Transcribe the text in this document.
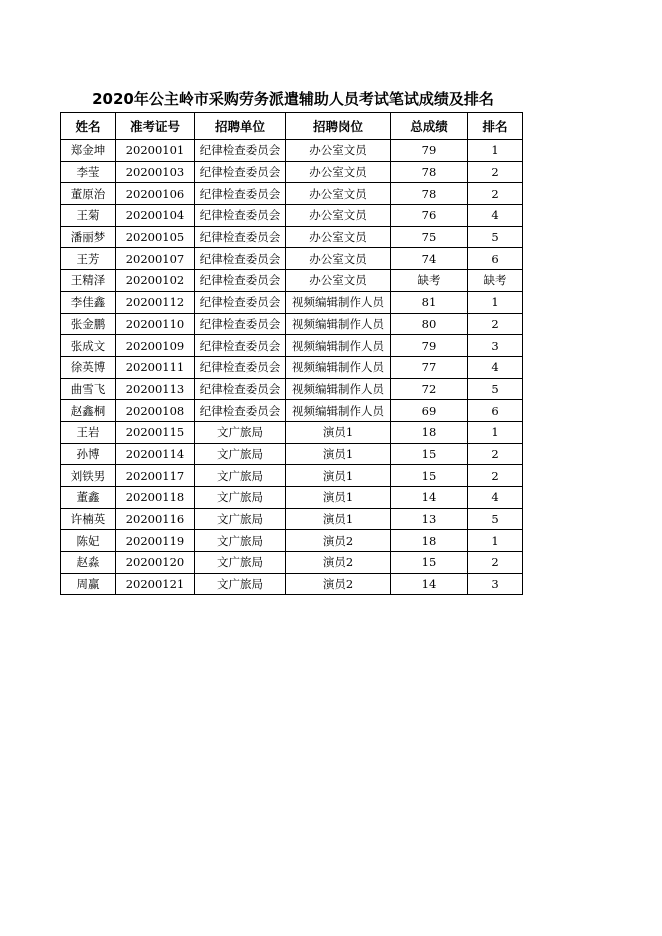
2020年公主岭市采购劳务派遣辅助人员考试笔试成绩及排名
姓名	准考证号	招聘单位	招聘岗位	总成绩	排名
郑金坤	20200101	纪律检查委员会	办公室文员	79	1
李莹	20200103	纪律检查委员会	办公室文员	78	2
董原治	20200106	纪律检查委员会	办公室文员	78	2
王菊	20200104	纪律检查委员会	办公室文员	76	4
潘丽梦	20200105	纪律检查委员会	办公室文员	75	5
王芳	20200107	纪律检查委员会	办公室文员	74	6
王精泽	20200102	纪律检查委员会	办公室文员	缺考	缺考
李佳鑫	20200112	纪律检查委员会	视频编辑制作人员	81	1
张金鹏	20200110	纪律检查委员会	视频编辑制作人员	80	2
张成文	20200109	纪律检查委员会	视频编辑制作人员	79	3
徐英博	20200111	纪律检查委员会	视频编辑制作人员	77	4
曲雪飞	20200113	纪律检查委员会	视频编辑制作人员	72	5
赵鑫桐	20200108	纪律检查委员会	视频编辑制作人员	69	6
王岩	20200115	文广旅局	演员1	18	1
孙博	20200114	文广旅局	演员1	15	2
刘铁男	20200117	文广旅局	演员1	15	2
董鑫	20200118	文广旅局	演员1	14	4
许楠英	20200116	文广旅局	演员1	13	5
陈妃	20200119	文广旅局	演员2	18	1
赵淼	20200120	文广旅局	演员2	15	2
周赢	20200121	文广旅局	演员2	14	3
